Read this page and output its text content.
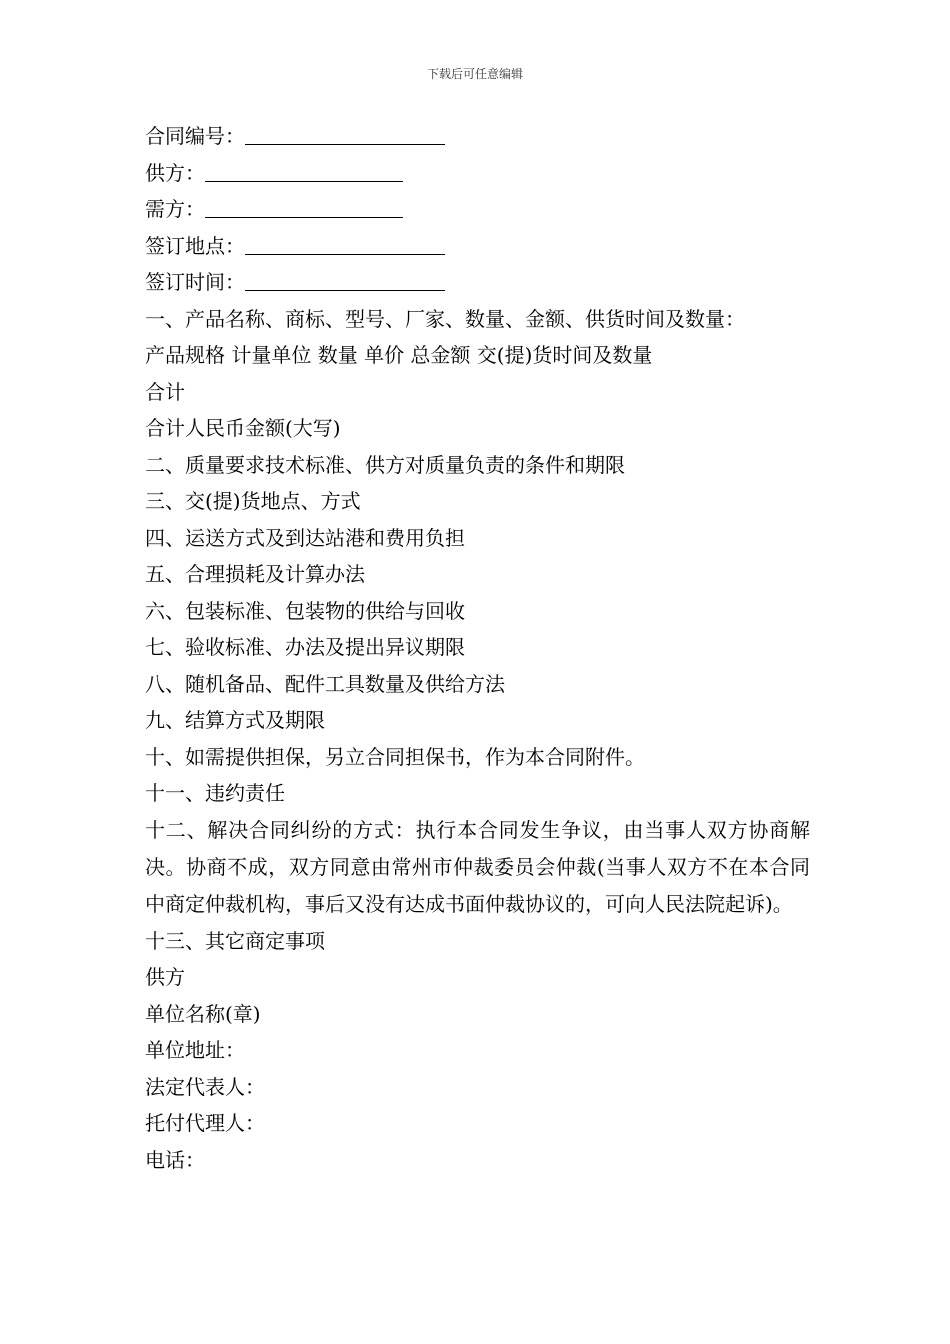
下载后可任意编辑
合同编号：
供方：
需方：
签订地点：
签订时间：
一、产品名称、商标、型号、厂家、数量、金额、供货时间及数量：
产品规格 计量单位 数量 单价 总金额 交(提)货时间及数量
合计
合计人民币金额(大写)
二、质量要求技术标准、供方对质量负责的条件和期限
三、交(提)货地点、方式
四、运送方式及到达站港和费用负担
五、合理损耗及计算办法
六、包装标准、包装物的供给与回收
七、验收标准、办法及提出异议期限
八、随机备品、配件工具数量及供给方法
九、结算方式及期限
十、如需提供担保，另立合同担保书，作为本合同附件。
十一、违约责任
十二、解决合同纠纷的方式：执行本合同发生争议，由当事人双方协商解决。协商不成，双方同意由常州市仲裁委员会仲裁(当事人双方不在本合同中商定仲裁机构，事后又没有达成书面仲裁协议的，可向人民法院起诉)。
十三、其它商定事项
供方
单位名称(章)
单位地址：
法定代表人：
托付代理人：
电话：
